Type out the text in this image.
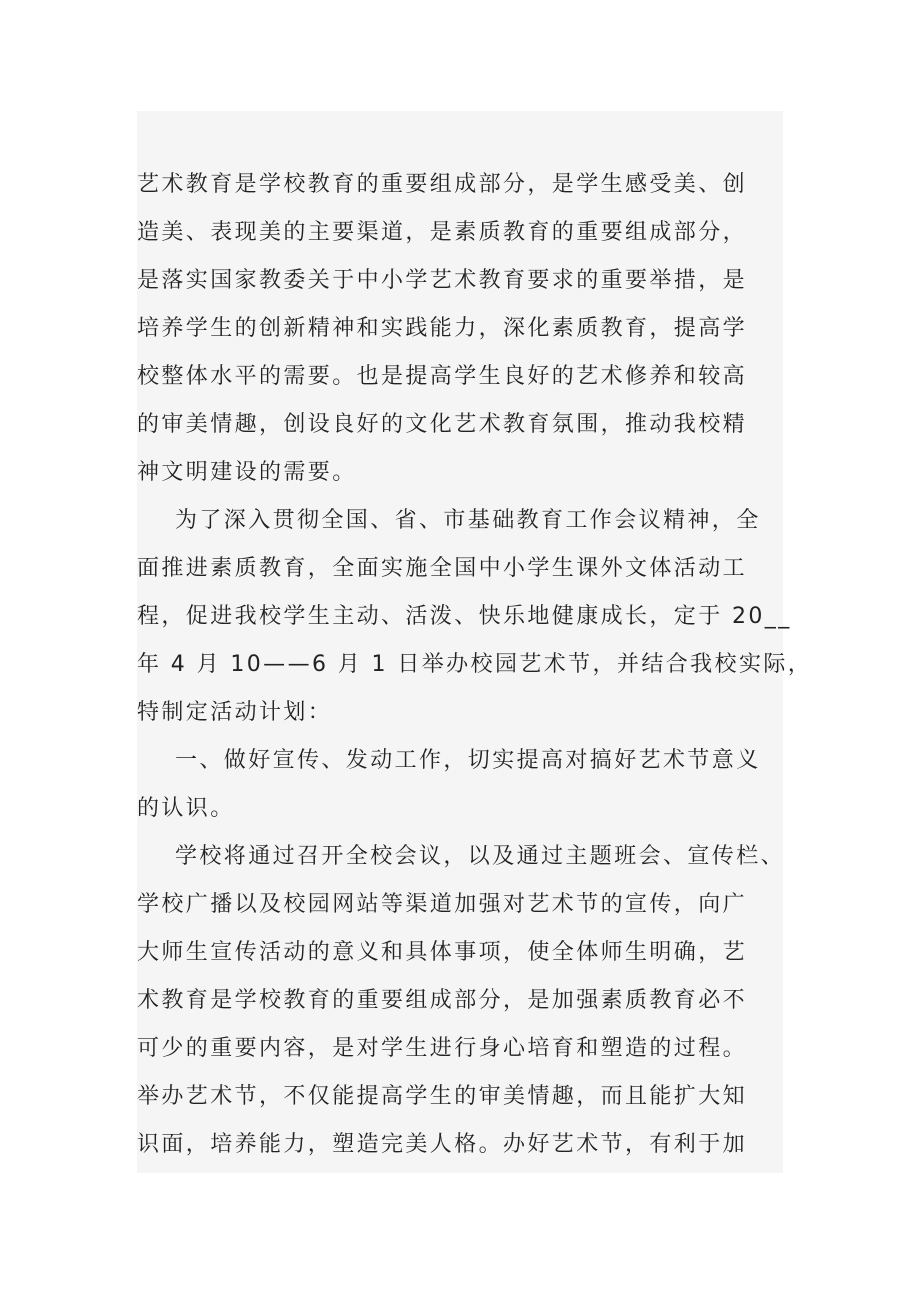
艺术教育是学校教育的重要组成部分，是学生感受美、创
造美、表现美的主要渠道，是素质教育的重要组成部分，
是落实国家教委关于中小学艺术教育要求的重要举措，是
培养学生的创新精神和实践能力，深化素质教育，提高学
校整体水平的需要。也是提高学生良好的艺术修养和较高
的审美情趣，创设良好的文化艺术教育氛围，推动我校精
神文明建设的需要。
为了深入贯彻全国、省、市基础教育工作会议精神，全
面推进素质教育，全面实施全国中小学生课外文体活动工
程，促进我校学生主动、活泼、快乐地健康成长，定于 20__
年 4 月 10——6 月 1 日举办校园艺术节，并结合我校实际，
特制定活动计划：
一、做好宣传、发动工作，切实提高对搞好艺术节意义
的认识。
学校将通过召开全校会议，以及通过主题班会、宣传栏、
学校广播以及校园网站等渠道加强对艺术节的宣传，向广
大师生宣传活动的意义和具体事项，使全体师生明确，艺
术教育是学校教育的重要组成部分，是加强素质教育必不
可少的重要内容，是对学生进行身心培育和塑造的过程。
举办艺术节，不仅能提高学生的审美情趣，而且能扩大知
识面，培养能力，塑造完美人格。办好艺术节，有利于加
